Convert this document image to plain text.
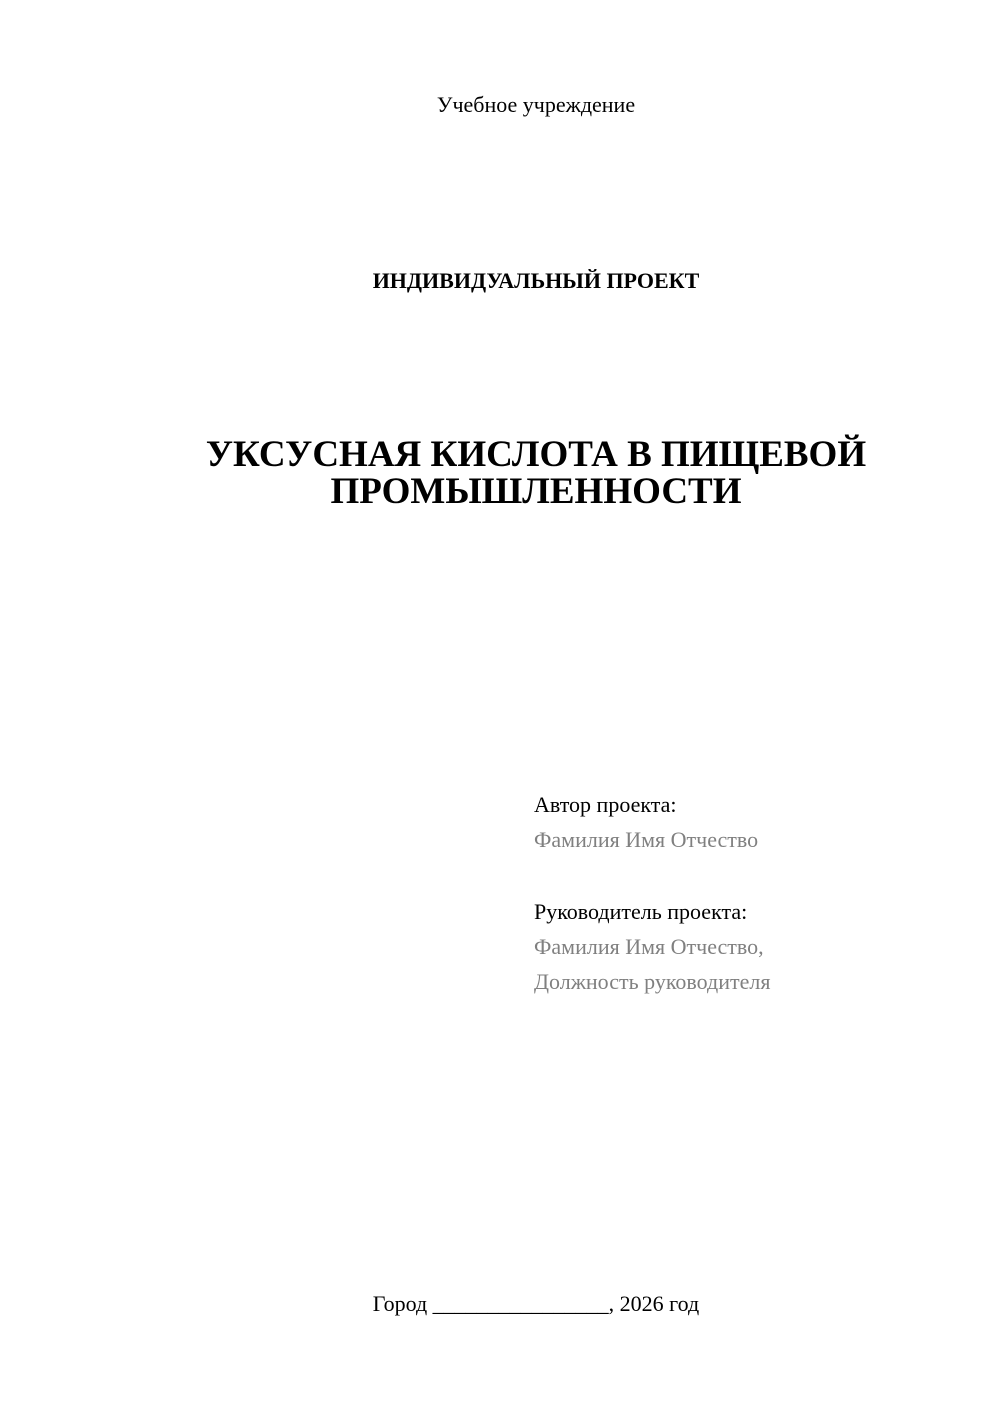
Учебное учреждение
ИНДИВИДУАЛЬНЫЙ ПРОЕКТ
УКСУСНАЯ КИСЛОТА В ПИЩЕВОЙ
ПРОМЫШЛЕННОСТИ
Автор проекта:
Фамилия Имя Отчество
Руководитель проекта:
Фамилия Имя Отчество,
Должность руководителя
Город ________________, 2026 год
